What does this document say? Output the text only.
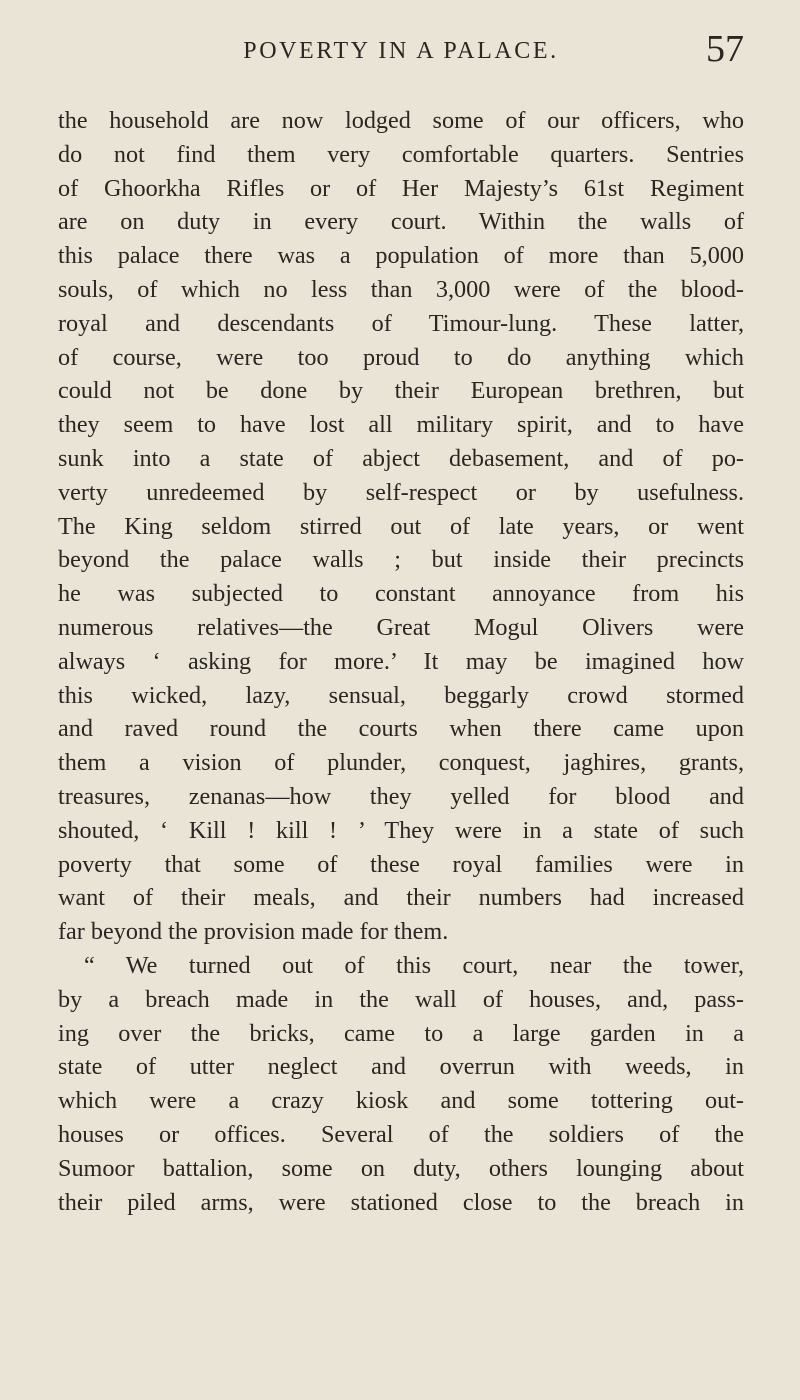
POVERTY IN A PALACE.	57
the household are now lodged some of our officers, who
do not find them very comfortable quarters. Sentries
of Ghoorkha Rifles or of Her Majesty’s 61st Regiment
are on duty in every court. Within the walls of
this palace there was a population of more than 5,000
souls, of which no less than 3,000 were of the blood-
royal and descendants of Timour-lung. These latter,
of course, were too proud to do anything which
could not be done by their European brethren, but
they seem to have lost all military spirit, and to have
sunk into a state of abject debasement, and of po-
verty unredeemed by self-respect or by usefulness.
The King seldom stirred out of late years, or went
beyond the palace walls ; but inside their precincts
he was subjected to constant annoyance from his
numerous relatives—the Great Mogul Olivers were
always ‘ asking for more.’ It may be imagined how
this wicked, lazy, sensual, beggarly crowd stormed
and raved round the courts when there came upon
them a vision of plunder, conquest, jaghires, grants,
treasures, zenanas—how they yelled for blood and
shouted, ‘ Kill ! kill ! ’ They were in a state of such
poverty that some of these royal families were in
want of their meals, and their numbers had increased
far beyond the provision made for them.
“ We turned out of this court, near the tower,
by a breach made in the wall of houses, and, pass-
ing over the bricks, came to a large garden in a
state of utter neglect and overrun with weeds, in
which were a crazy kiosk and some tottering out-
houses or offices. Several of the soldiers of the
Sumoor battalion, some on duty, others lounging about
their piled arms, were stationed close to the breach in
